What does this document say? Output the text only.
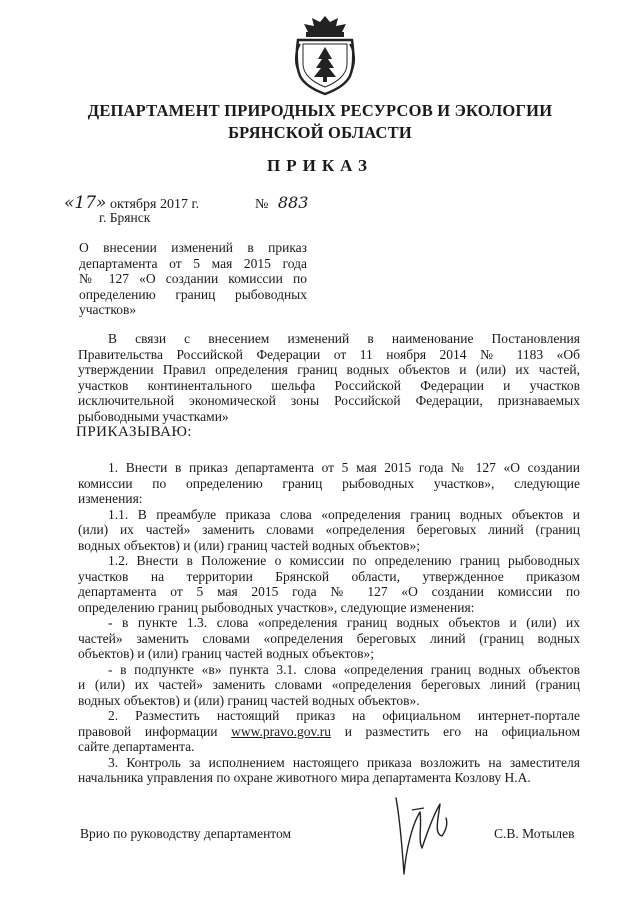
ДЕПАРТАМЕНТ ПРИРОДНЫХ РЕСУРСОВ И ЭКОЛОГИИ
БРЯНСКОЙ ОБЛАСТИ
ПРИКАЗ
«17» октября 2017 г.	№ 883
г. Брянск
О внесении изменений в приказ
департамента от 5 мая 2015 года
№ 127 «О создании комиссии по
определению границ рыбоводных
участков»
В связи с внесением изменений в наименование Постановления
Правительства Российской Федерации от 11 ноября 2014 № 1183 «Об
утверждении Правил определения границ водных объектов и (или) их частей,
участков континентального шельфа Российской Федерации и участков
исключительной экономической зоны Российской Федерации, признаваемых
рыбоводными участками»
ПРИКАЗЫВАЮ:
1. Внести в приказ департамента от 5 мая 2015 года № 127 «О создании
комиссии по определению границ рыбоводных участков», следующие
изменения:
1.1. В преамбуле приказа слова «определения границ водных объектов и
(или) их частей» заменить словами «определения береговых линий (границ
водных объектов) и (или) границ частей водных объектов»;
1.2. Внести в Положение о комиссии по определению границ рыбоводных
участков на территории Брянской области, утвержденное приказом
департамента от 5 мая 2015 года № 127 «О создании комиссии по
определению границ рыбоводных участков», следующие изменения:
- в пункте 1.3. слова «определения границ водных объектов и (или) их
частей» заменить словами «определения береговых линий (границ водных
объектов) и (или) границ частей водных объектов»;
- в подпункте «в» пункта 3.1. слова «определения границ водных объектов
и (или) их частей» заменить словами «определения береговых линий (границ
водных объектов) и (или) границ частей водных объектов».
2. Разместить настоящий приказ на официальном интернет-портале
правовой информации www.pravo.gov.ru и разместить его на официальном
сайте департамента.
3. Контроль за исполнением настоящего приказа возложить на заместителя
начальника управления по охране животного мира департамента Козлову Н.А.
Врио по руководству департаментом	С.В. Мотылев
